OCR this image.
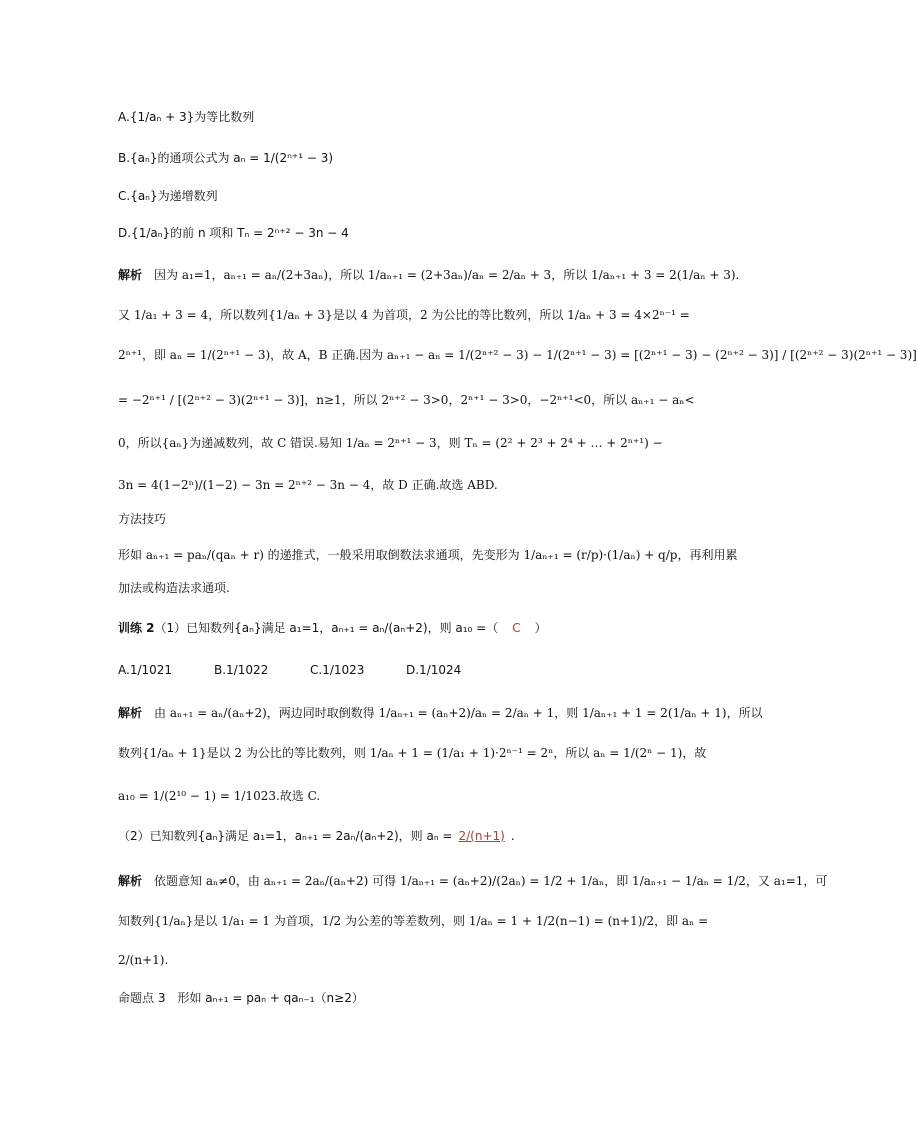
A.{1/aₙ + 3}为等比数列
B.{aₙ}的通项公式为 aₙ = 1/(2ⁿ⁺¹ − 3)
C.{aₙ}为递增数列
D.{1/aₙ}的前 n 项和 Tₙ = 2ⁿ⁺² − 3n − 4
解析 因为 a₁=1，aₙ₊₁ = aₙ/(2+3aₙ)，所以 1/aₙ₊₁ = (2+3aₙ)/aₙ = 2/aₙ + 3，所以 1/aₙ₊₁ + 3 = 2(1/aₙ + 3).
又 1/a₁ + 3 = 4，所以数列{1/aₙ + 3}是以 4 为首项，2 为公比的等比数列，所以 1/aₙ + 3 = 4×2ⁿ⁻¹ =
2ⁿ⁺¹，即 aₙ = 1/(2ⁿ⁺¹ − 3)，故 A，B 正确.因为 aₙ₊₁ − aₙ = 1/(2ⁿ⁺² − 3) − 1/(2ⁿ⁺¹ − 3) = [(2ⁿ⁺¹ − 3) − (2ⁿ⁺² − 3)] / [(2ⁿ⁺² − 3)(2ⁿ⁺¹ − 3)]
= −2ⁿ⁺¹ / [(2ⁿ⁺² − 3)(2ⁿ⁺¹ − 3)]，n≥1，所以 2ⁿ⁺² − 3>0，2ⁿ⁺¹ − 3>0，−2ⁿ⁺¹<0，所以 aₙ₊₁ − aₙ<
0，所以{aₙ}为递减数列，故 C 错误.易知 1/aₙ = 2ⁿ⁺¹ − 3，则 Tₙ = (2² + 2³ + 2⁴ + … + 2ⁿ⁺¹) −
3n = 4(1−2ⁿ)/(1−2) − 3n = 2ⁿ⁺² − 3n − 4，故 D 正确.故选 ABD.
方法技巧
形如 aₙ₊₁ = paₙ/(qaₙ + r) 的递推式，一般采用取倒数法求通项，先变形为 1/aₙ₊₁ = (r/p)·(1/aₙ) + q/p，再利用累
加法或构造法求通项.
训练 2（1）已知数列{aₙ}满足 a₁=1，aₙ₊₁ = aₙ/(aₙ+2)，则 a₁₀ =（ C ）
A.1/1021	B.1/1022	C.1/1023	D.1/1024
解析 由 aₙ₊₁ = aₙ/(aₙ+2)，两边同时取倒数得 1/aₙ₊₁ = (aₙ+2)/aₙ = 2/aₙ + 1，则 1/aₙ₊₁ + 1 = 2(1/aₙ + 1)，所以
数列{1/aₙ + 1}是以 2 为公比的等比数列，则 1/aₙ + 1 = (1/a₁ + 1)·2ⁿ⁻¹ = 2ⁿ，所以 aₙ = 1/(2ⁿ − 1)，故
a₁₀ = 1/(2¹⁰ − 1) = 1/1023.故选 C.
（2）已知数列{aₙ}满足 a₁=1，aₙ₊₁ = 2aₙ/(aₙ+2)，则 aₙ = 2/(n+1) .
解析 依题意知 aₙ≠0，由 aₙ₊₁ = 2aₙ/(aₙ+2) 可得 1/aₙ₊₁ = (aₙ+2)/(2aₙ) = 1/2 + 1/aₙ，即 1/aₙ₊₁ − 1/aₙ = 1/2，又 a₁=1，可
知数列{1/aₙ}是以 1/a₁ = 1 为首项，1/2 为公差的等差数列，则 1/aₙ = 1 + 1/2(n−1) = (n+1)/2，即 aₙ =
2/(n+1).
命题点 3　形如 aₙ₊₁ = paₙ + qaₙ₋₁（n≥2）
